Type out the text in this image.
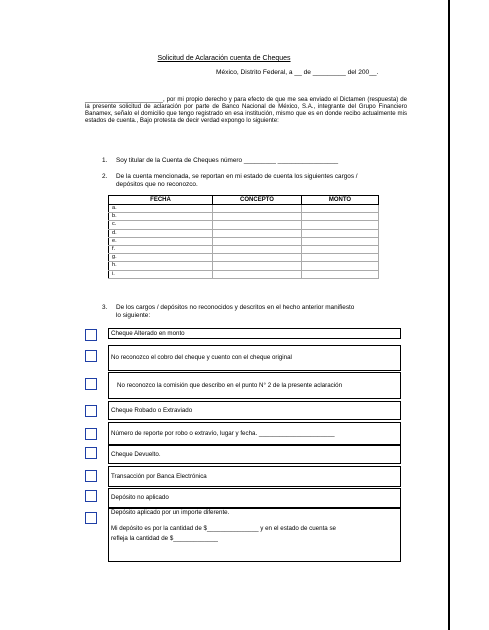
Solicitud de Aclaración cuenta de Cheques
México, Distrito Federal, a __ de _________ del 200__.
_______________________, por mi propio derecho y para efecto de que me sea enviado el Dictamen (respuesta) de la presente solicitud de aclaración por parte de Banco Nacional de México, S.A., integrante del Grupo Financiero Banamex, señalo el domicilio que tengo registrado en esa institución, mismo que es en donde recibo actualmente mis estados de cuenta., Bajo protesta de decir verdad expongo lo siguiente:
1. Soy titular de la Cuenta de Cheques número _________ _________________
2. De la cuenta mencionada, se reportan en mi estado de cuenta los siguientes cargos /
depósitos que no reconozco.
FECHA	CONCEPTO	MONTO
a.		
b.		
c.		
d.		
e.		
f.		
g.		
h.		
i.		
3. De los cargos / depósitos no reconocidos y descritos en el hecho anterior manifiesto
lo siguiente:
Cheque Alterado en monto
No reconozco el cobro del cheque y cuento con el cheque original
No reconozco la comisión que describo en el punto N° 2 de la presente aclaración
Cheque Robado o Extraviado
Número de reporte por robo o extravío, lugar y fecha. ______________________
Cheque Devuelto.
Transacción por Banca Electrónica
Depósito no aplicado
Depósito aplicado por un importe diferente.
Mi depósito es por la cantidad de $_______________ y en el estado de cuenta se
refleja la cantidad de $_____________
